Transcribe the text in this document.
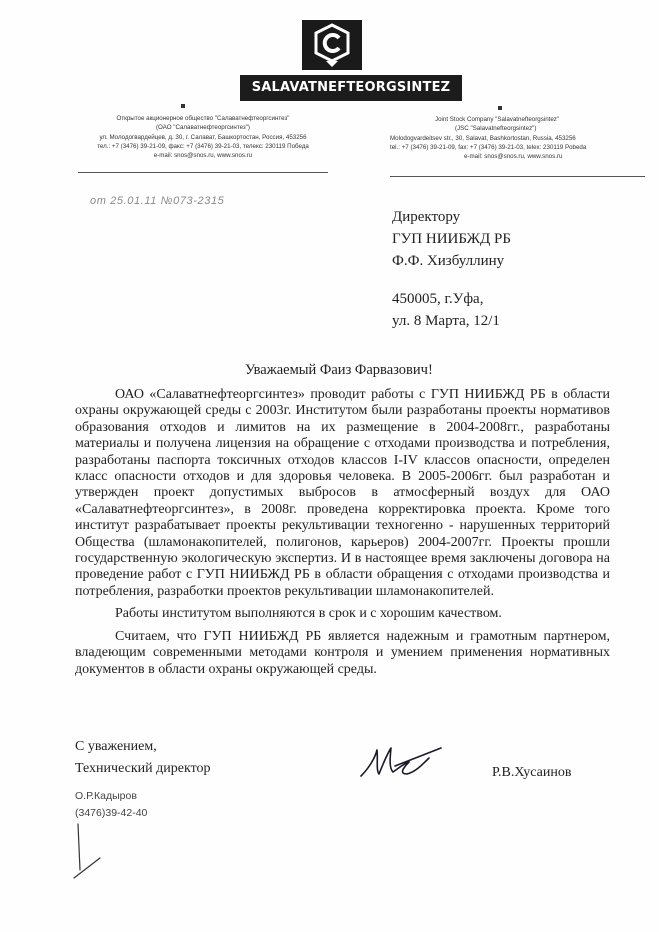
SALAVATNEFTEORGSINTEZ
Открытое акционерное общество "Салаватнефтеоргсинтез"
(ОАО "Салаватнефтеоргсинтез")
ул. Молодогвардейцев, д. 30, г. Салават, Башкортостан, Россия, 453256
тел.: +7 (3476) 39-21-09, факс: +7 (3476) 39-21-03, телекс: 230119 Победа
e-mail: snos@snos.ru, www.snos.ru
Joint Stock Company "Salavatnefteorgsintez"
(JSC "Salavatnefteorgsintez")
Molodogvardeitsev str., 30, Salavat, Bashkortostan, Russia, 453256
tel.: +7 (3476) 39-21-09, fax: +7 (3476) 39-21-03, telex: 230119 Pobeda
e-mail: snos@snos.ru, www.snos.ru
от 25.01.11 №073-2315
Директору
ГУП НИИБЖД РБ
Ф.Ф. Хизбуллину
450005, г.Уфа,
ул. 8 Марта, 12/1
Уважаемый Фаиз Фарвазович!

ОАО «Салаватнефтеоргсинтез» проводит работы с ГУП НИИБЖД РБ в области охраны окружающей среды с 2003г. Институтом были разработаны проекты нормативов образования отходов и лимитов на их размещение в 2004-2008гг., разработаны материалы и получена лицензия на обращение с отходами производства и потребления, разработаны паспорта токсичных отходов классов I-IV классов опасности, определен класс опасности отходов и для здоровья человека. В 2005-2006гг. был разработан и утвержден проект допустимых выбросов в атмосферный воздух для ОАО «Салаватнефтеоргсинтез», в 2008г. проведена корректировка проекта. Кроме того институт разрабатывает проекты рекультивации техногенно - нарушенных территорий Общества (шламонакопителей, полигонов, карьеров) 2004-2007гг. Проекты прошли государственную экологическую экспертиз. И в настоящее время заключены договора на проведение работ с ГУП НИИБЖД РБ в области обращения с отходами производства и потребления, разработки проектов рекультивации шламонакопителей.

Работы институтом выполняются в срок и с хорошим качеством.

Считаем, что ГУП НИИБЖД РБ является надежным и грамотным партнером, владеющим современными методами контроля и умением применения нормативных документов в области охраны окружающей среды.

С уважением,
Технический директор	Р.В.Хусаинов
О.Р.Кадыров
(3476)39-42-40
